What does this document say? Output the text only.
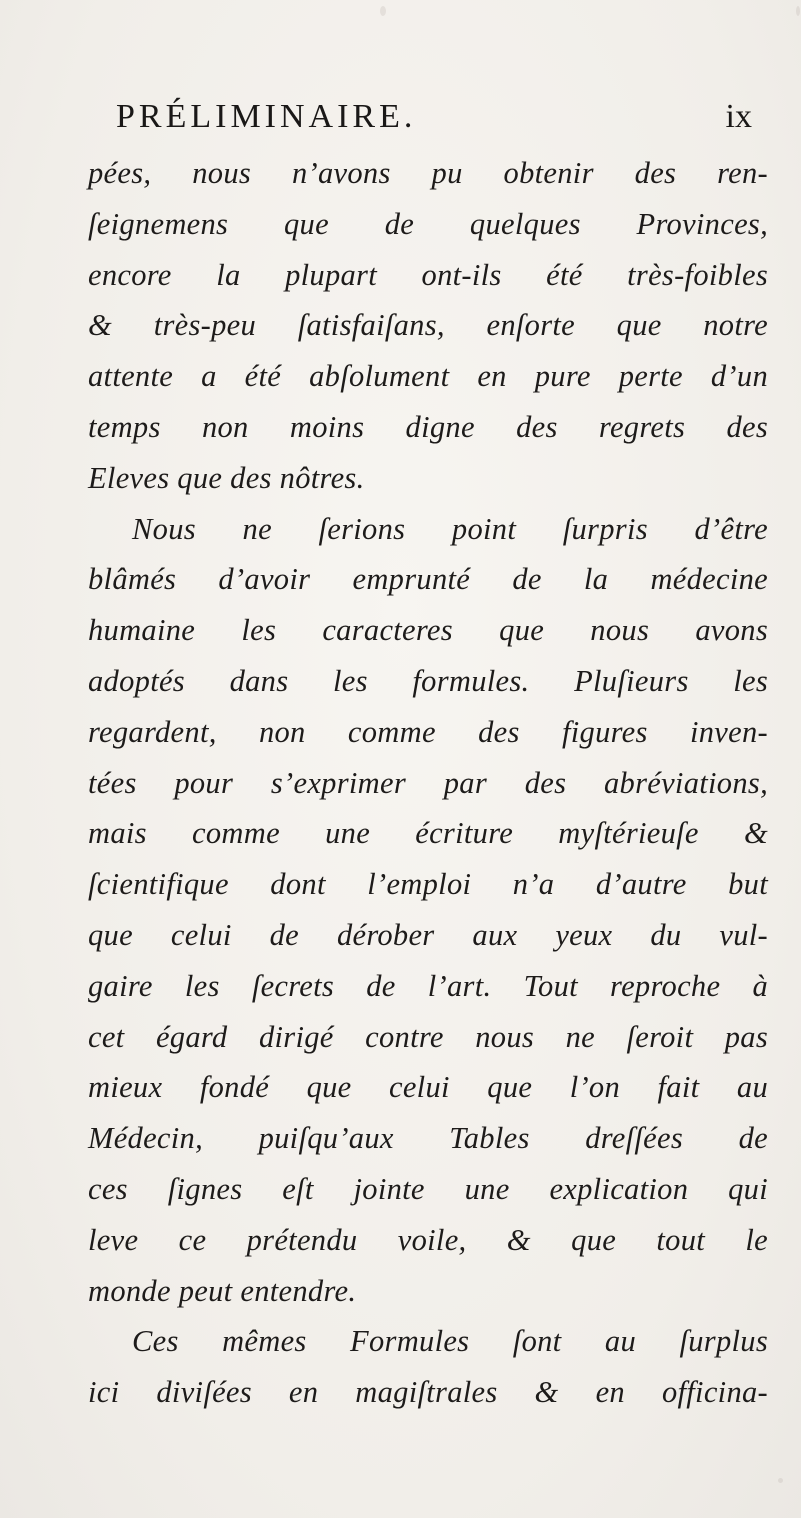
PRÉLIMINAIRE.	ix
pées, nous n’avons pu obtenir des ren-
ſeignemens que de quelques Provinces,
encore la plupart ont-ils été très-foibles
& très-peu ſatisfaiſans, enſorte que notre
attente a été abſolument en pure perte d’un
temps non moins digne des regrets des
Eleves que des nôtres.
Nous ne ſerions point ſurpris d’être
blâmés d’avoir emprunté de la médecine
humaine les caracteres que nous avons
adoptés dans les formules. Pluſieurs les
regardent, non comme des figures inven-
tées pour s’exprimer par des abréviations,
mais comme une écriture myſtérieuſe &
ſcientifique dont l’emploi n’a d’autre but
que celui de dérober aux yeux du vul-
gaire les ſecrets de l’art. Tout reproche à
cet égard dirigé contre nous ne ſeroit pas
mieux fondé que celui que l’on fait au
Médecin, puiſqu’aux Tables dreſſées de
ces ſignes eſt jointe une explication qui
leve ce prétendu voile, & que tout le
monde peut entendre.
Ces mêmes Formules ſont au ſurplus
ici diviſées en magiſtrales & en officina-
